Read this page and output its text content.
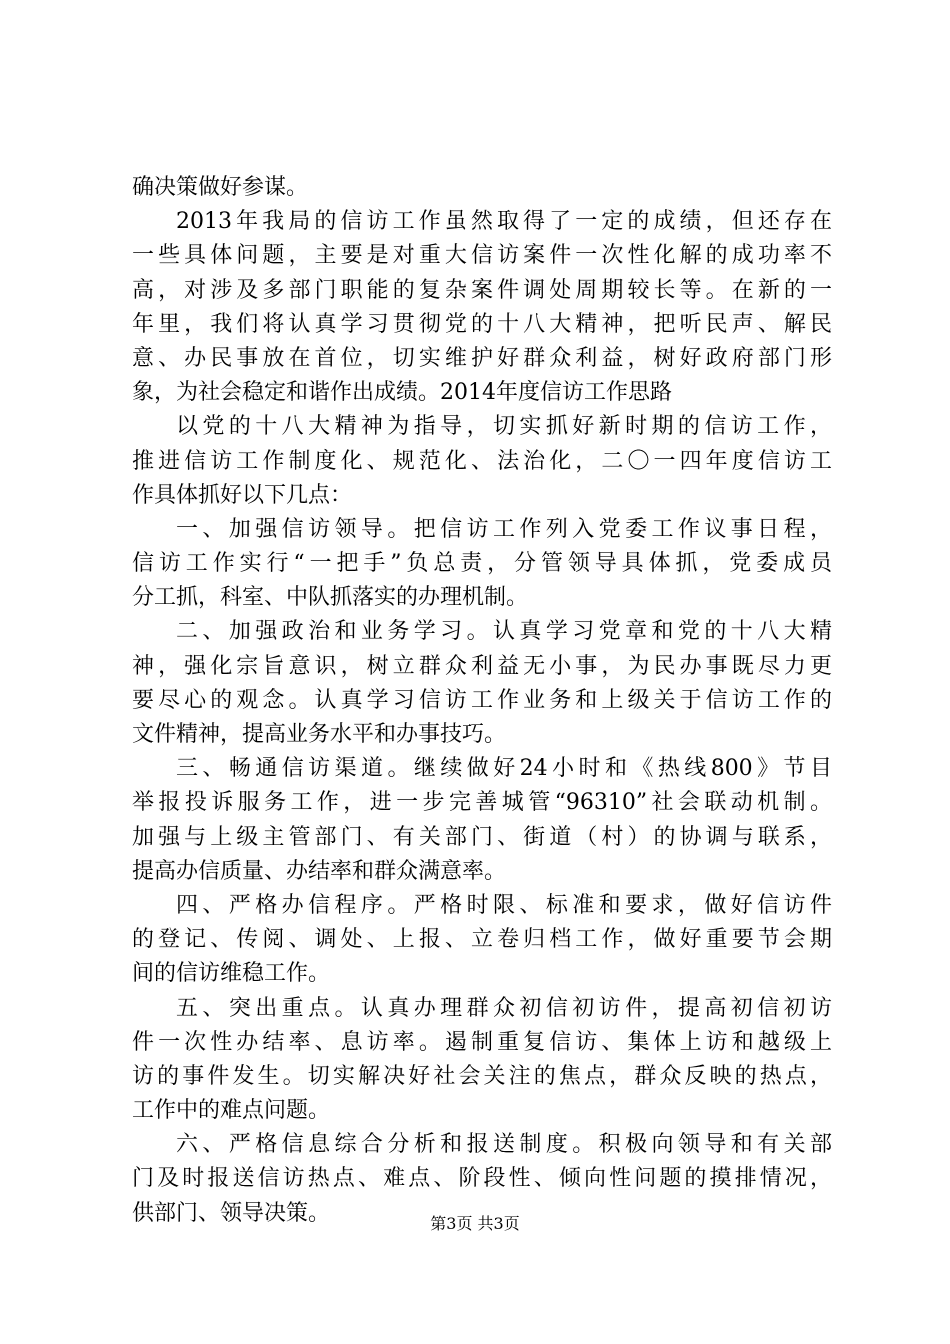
确决策做好参谋。
2013年我局的信访工作虽然取得了一定的成绩，但还存在
一些具体问题，主要是对重大信访案件一次性化解的成功率不
高，对涉及多部门职能的复杂案件调处周期较长等。在新的一
年里，我们将认真学习贯彻党的十八大精神，把听民声、解民
意、办民事放在首位，切实维护好群众利益，树好政府部门形
象，为社会稳定和谐作出成绩。2014年度信访工作思路
以党的十八大精神为指导，切实抓好新时期的信访工作，
推进信访工作制度化、规范化、法治化，二〇一四年度信访工
作具体抓好以下几点：
一、加强信访领导。把信访工作列入党委工作议事日程，
信访工作实行“一把手”负总责，分管领导具体抓，党委成员
分工抓，科室、中队抓落实的办理机制。
二、加强政治和业务学习。认真学习党章和党的十八大精
神，强化宗旨意识，树立群众利益无小事，为民办事既尽力更
要尽心的观念。认真学习信访工作业务和上级关于信访工作的
文件精神，提高业务水平和办事技巧。
三、畅通信访渠道。继续做好24小时和《热线800》节目
举报投诉服务工作，进一步完善城管“96310”社会联动机制。
加强与上级主管部门、有关部门、街道（村）的协调与联系，
提高办信质量、办结率和群众满意率。
四、严格办信程序。严格时限、标准和要求，做好信访件
的登记、传阅、调处、上报、立卷归档工作，做好重要节会期
间的信访维稳工作。
五、突出重点。认真办理群众初信初访件，提高初信初访
件一次性办结率、息访率。遏制重复信访、集体上访和越级上
访的事件发生。切实解决好社会关注的焦点，群众反映的热点，
工作中的难点问题。
六、严格信息综合分析和报送制度。积极向领导和有关部
门及时报送信访热点、难点、阶段性、倾向性问题的摸排情况，
供部门、领导决策。	第3页 共3页
